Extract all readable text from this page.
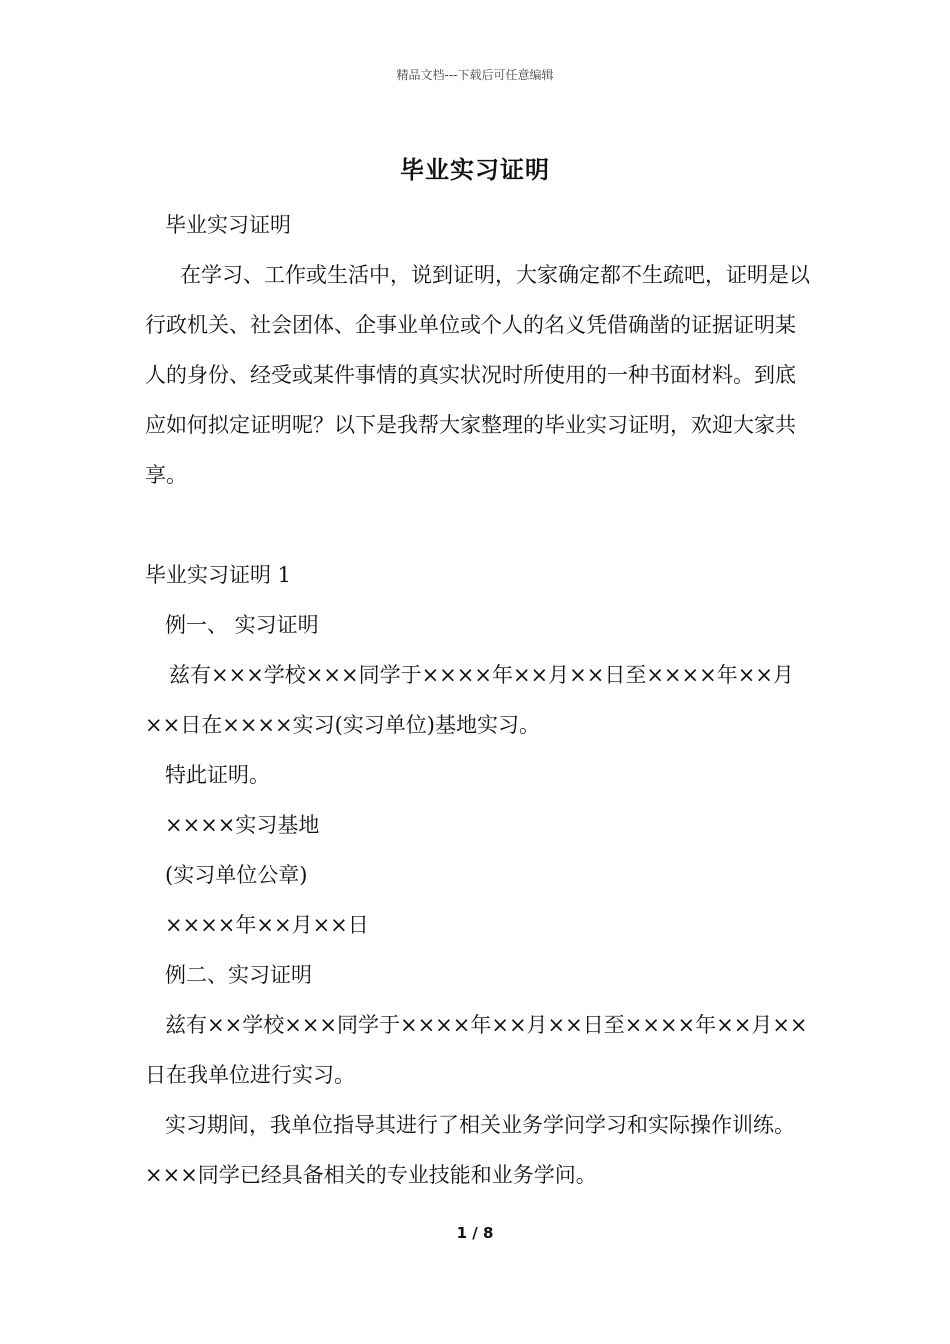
精品文档---下载后可任意编辑
毕业实习证明

毕业实习证明

在学习、工作或生活中，说到证明，大家确定都不生疏吧，证明是以行政机关、社会团体、企事业单位或个人的名义凭借确凿的证据证明某人的身份、经受或某件事情的真实状况时所使用的一种书面材料。到底应如何拟定证明呢？以下是我帮大家整理的毕业实习证明，欢迎大家共享。

毕业实习证明 1

例一、 实习证明

兹有×××学校×××同学于××××年××月××日至××××年××月××日在××××实习(实习单位)基地实习。

特此证明。

××××实习基地

(实习单位公章)

××××年××月××日

例二、实习证明

兹有××学校×××同学于××××年××月××日至××××年××月××日在我单位进行实习。

实习期间，我单位指导其进行了相关业务学问学习和实际操作训练。×××同学已经具备相关的专业技能和业务学问。

1 / 8
